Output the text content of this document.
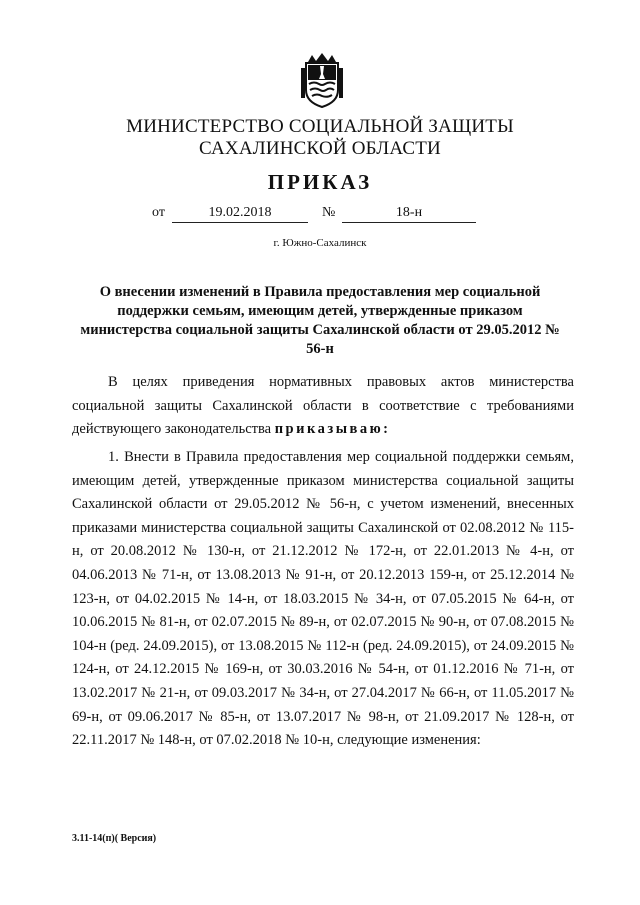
МИНИСТЕРСТВО СОЦИАЛЬНОЙ ЗАЩИТЫ
САХАЛИНСКОЙ ОБЛАСТИ
ПРИКАЗ
от	19.02.2018	№	18-н
г. Южно-Сахалинск
О внесении изменений в Правила предоставления мер социальной поддержки семьям, имеющим детей, утвержденные приказом министерства социальной защиты Сахалинской области от 29.05.2012 № 56-н
В целях приведения нормативных правовых актов министерства социальной защиты Сахалинской области в соответствие с требованиями действующего законодательства приказываю:
1. Внести в Правила предоставления мер социальной поддержки семьям, имеющим детей, утвержденные приказом министерства социальной защиты Сахалинской области от 29.05.2012 № 56-н, с учетом изменений, внесенных приказами министерства социальной защиты Сахалинской от 02.08.2012 № 115-н, от 20.08.2012 № 130-н, от 21.12.2012 № 172-н, от 22.01.2013 № 4-н, от 04.06.2013 № 71-н, от 13.08.2013 № 91-н, от 20.12.2013 159-н, от 25.12.2014 № 123-н, от 04.02.2015 № 14-н, от 18.03.2015 № 34-н, от 07.05.2015 № 64-н, от 10.06.2015 № 81-н, от 02.07.2015 № 89-н, от 02.07.2015 № 90-н, от 07.08.2015 № 104-н (ред. 24.09.2015), от 13.08.2015 № 112-н (ред. 24.09.2015), от 24.09.2015 № 124-н, от 24.12.2015 № 169-н, от 30.03.2016 № 54-н, от 01.12.2016 № 71-н, от 13.02.2017 № 21-н, от 09.03.2017 № 34-н, от 27.04.2017 № 66-н, от 11.05.2017 № 69-н, от 09.06.2017 № 85-н, от 13.07.2017 № 98-н, от 21.09.2017 № 128-н, от 22.11.2017 № 148-н, от 07.02.2018 № 10-н, следующие изменения:
3.11-14(п)( Версия)
